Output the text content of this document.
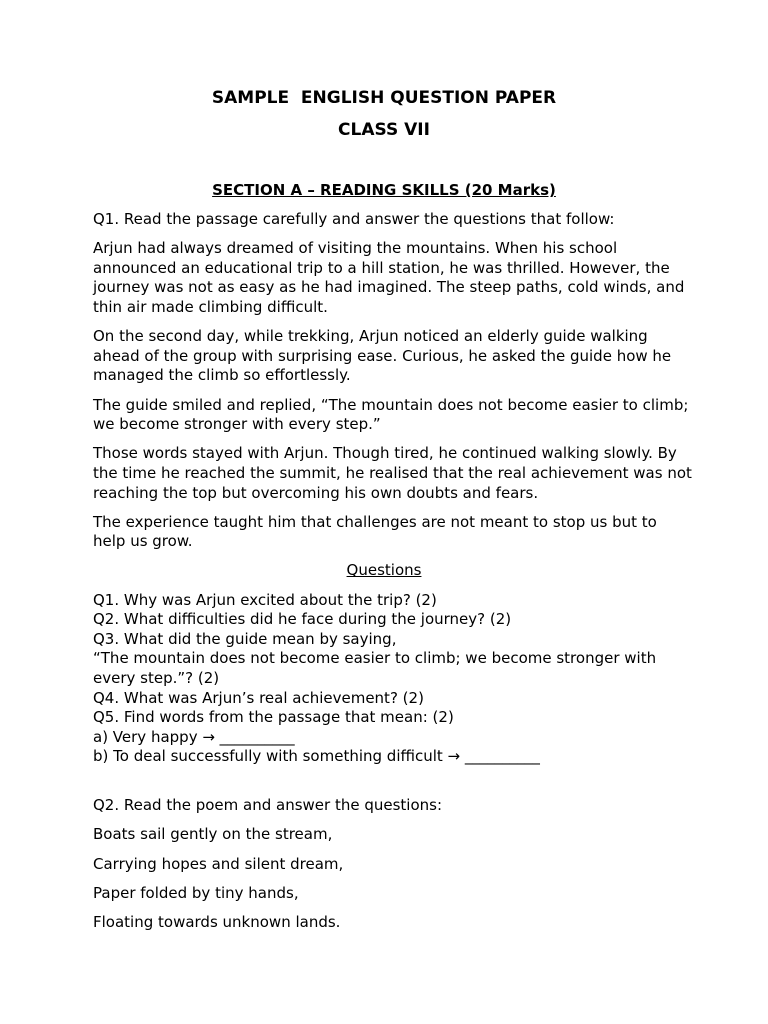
SAMPLE  ENGLISH QUESTION PAPER
CLASS VII
SECTION A – READING SKILLS (20 Marks)

Q1. Read the passage carefully and answer the questions that follow:

Arjun had always dreamed of visiting the mountains. When his school announced an educational trip to a hill station, he was thrilled. However, the journey was not as easy as he had imagined. The steep paths, cold winds, and thin air made climbing difficult.

On the second day, while trekking, Arjun noticed an elderly guide walking ahead of the group with surprising ease. Curious, he asked the guide how he managed the climb so effortlessly.

The guide smiled and replied, “The mountain does not become easier to climb; we become stronger with every step.”

Those words stayed with Arjun. Though tired, he continued walking slowly. By the time he reached the summit, he realised that the real achievement was not reaching the top but overcoming his own doubts and fears.

The experience taught him that challenges are not meant to stop us but to help us grow.

Questions

Q1. Why was Arjun excited about the trip? (2)

Q2. What difficulties did he face during the journey? (2)

Q3. What did the guide mean by saying,

“The mountain does not become easier to climb; we become stronger with every step.”? (2)

Q4. What was Arjun’s real achievement? (2)

Q5. Find words from the passage that mean: (2)

a) Very happy → __________

b) To deal successfully with something difficult → __________

Q2. Read the poem and answer the questions:

Boats sail gently on the stream,

Carrying hopes and silent dream,

Paper folded by tiny hands,

Floating towards unknown lands.
